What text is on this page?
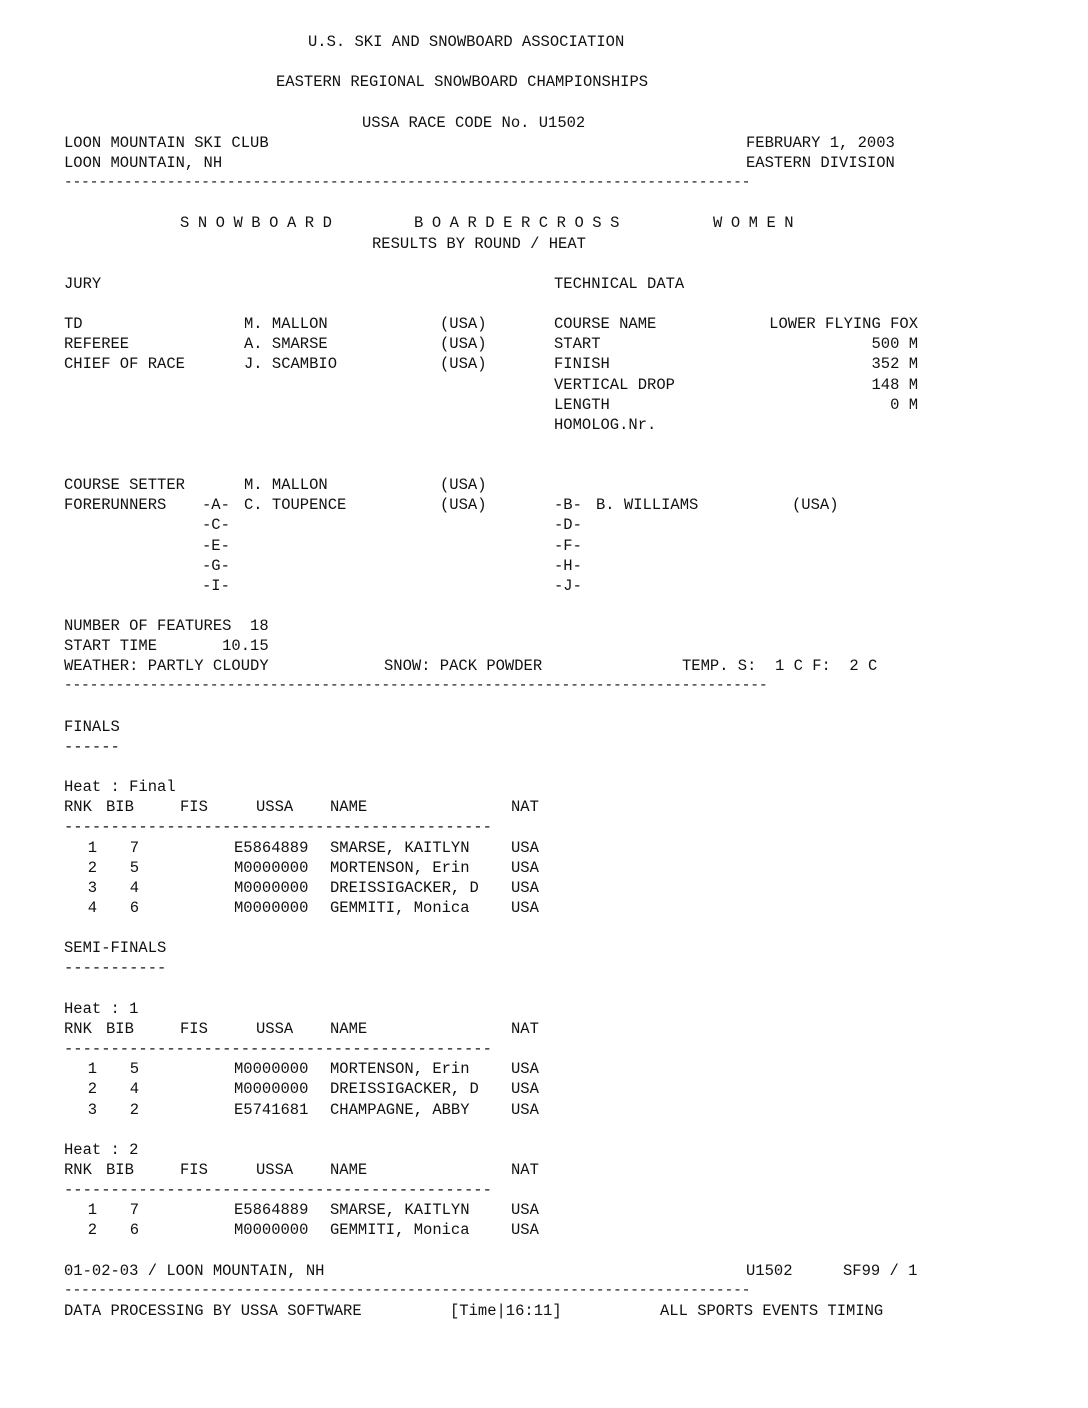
U.S. SKI AND SNOWBOARD ASSOCIATION
EASTERN REGIONAL SNOWBOARD CHAMPIONSHIPS
USSA RACE CODE No. U1502
LOON MOUNTAIN SKI CLUB	FEBRUARY 1, 2003
LOON MOUNTAIN, NH	EASTERN DIVISION
--------------------------------------------------------------------------------
SNOWBOARD	BOARDERCROSS	WOMEN
RESULTS BY ROUND / HEAT
JURY	TECHNICAL DATA
TD	M. MALLON	(USA)	COURSE NAME	LOWER FLYING FOX
REFEREE	A. SMARSE	(USA)	START	500 M
CHIEF OF RACE	J. SCAMBIO	(USA)	FINISH	352 M
VERTICAL DROP	148 M
LENGTH	0 M
HOMOLOG.Nr.
COURSE SETTER	M. MALLON	(USA)
FORERUNNERS -A- C. TOUPENCE	(USA)	-B- B. WILLIAMS	(USA)
-C-	-D-
-E-	-F-
-G-	-H-
-I-	-J-
NUMBER OF FEATURES  18
START TIME       10.15
WEATHER: PARTLY CLOUDY	SNOW: PACK POWDER	TEMP. S:  1 C F:  2 C
----------------------------------------------------------------------------------
FINALS
------
Heat : Final
RNK BIB	FIS	USSA NAME	NAT
----------------------------------------------
1	7	E5864889 SMARSE, KAITLYN	USA
2	5	M0000000 MORTENSON, Erin	USA
3	4	M0000000 DREISSIGACKER, D USA
4	6	M0000000 GEMMITI, Monica	USA
SEMI-FINALS
-----------
Heat : 1
RNK BIB	FIS	USSA NAME	NAT
----------------------------------------------
1	5	M0000000 MORTENSON, Erin	USA
2	4	M0000000 DREISSIGACKER, D USA
3	2	E5741681 CHAMPAGNE, ABBY	USA
Heat : 2
RNK BIB	FIS	USSA NAME	NAT
----------------------------------------------
1	7	E5864889 SMARSE, KAITLYN	USA
2	6	M0000000 GEMMITI, Monica	USA
01-02-03 / LOON MOUNTAIN, NH	U1502	SF99 / 1
--------------------------------------------------------------------------------
DATA PROCESSING BY USSA SOFTWARE	[Time|16:11]	ALL SPORTS EVENTS TIMING
